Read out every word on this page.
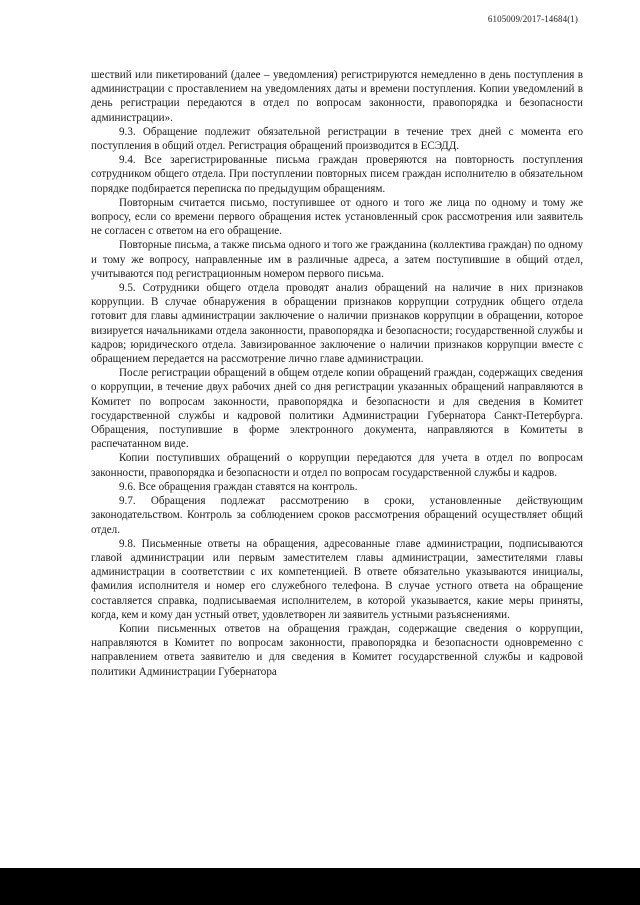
6105009/2017-14684(1)

шествий или пикетирований (далее – уведомления) регистрируются немедленно в день поступления в администрации с проставлением на уведомлениях даты и времени поступления. Копии уведомлений в день регистрации передаются в отдел по вопросам законности, правопорядка и безопасности администрации».

9.3. Обращение подлежит обязательной регистрации в течение трех дней с момента его поступления в общий отдел. Регистрация обращений производится в ЕСЭДД.

9.4. Все зарегистрированные письма граждан проверяются на повторность поступления сотрудником общего отдела. При поступлении повторных писем граждан исполнителю в обязательном порядке подбирается переписка по предыдущим обращениям.

Повторным считается письмо, поступившее от одного и того же лица по одному и тому же вопросу, если со времени первого обращения истек установленный срок рассмотрения или заявитель не согласен с ответом на его обращение.

Повторные письма, а также письма одного и того же гражданина (коллектива граждан) по одному и тому же вопросу, направленные им в различные адреса, а затем поступившие в общий отдел, учитываются под регистрационным номером первого письма.

9.5. Сотрудники общего отдела проводят анализ обращений на наличие в них признаков коррупции. В случае обнаружения в обращении признаков коррупции сотрудник общего отдела готовит для главы администрации заключение о наличии признаков коррупции в обращении, которое визируется начальниками отдела законности, правопорядка и безопасности; государственной службы и кадров; юридического отдела. Завизированное заключение о наличии признаков коррупции вместе с обращением передается на рассмотрение лично главе администрации.

После регистрации обращений в общем отделе копии обращений граждан, содержащих сведения о коррупции, в течение двух рабочих дней со дня регистрации указанных обращений направляются в Комитет по вопросам законности, правопорядка и безопасности и для сведения в Комитет государственной службы и кадровой политики Администрации Губернатора Санкт-Петербурга. Обращения, поступившие в форме электронного документа, направляются в Комитеты в распечатанном виде.

Копии поступивших обращений о коррупции передаются для учета в отдел по вопросам законности, правопорядка и безопасности и отдел по вопросам государственной службы и кадров.

9.6. Все обращения граждан ставятся на контроль.

9.7. Обращения подлежат рассмотрению в сроки, установленные действующим законодательством. Контроль за соблюдением сроков рассмотрения обращений осуществляет общий отдел.

9.8. Письменные ответы на обращения, адресованные главе администрации, подписываются главой администрации или первым заместителем главы администрации, заместителями главы администрации в соответствии с их компетенцией. В ответе обязательно указываются инициалы, фамилия исполнителя и номер его служебного телефона. В случае устного ответа на обращение составляется справка, подписываемая исполнителем, в которой указывается, какие меры приняты, когда, кем и кому дан устный ответ, удовлетворен ли заявитель устными разъяснениями.

Копии письменных ответов на обращения граждан, содержащие сведения о коррупции, направляются в Комитет по вопросам законности, правопорядка и безопасности одновременно с направлением ответа заявителю и для сведения в Комитет государственной службы и кадровой политики Администрации Губернатора
